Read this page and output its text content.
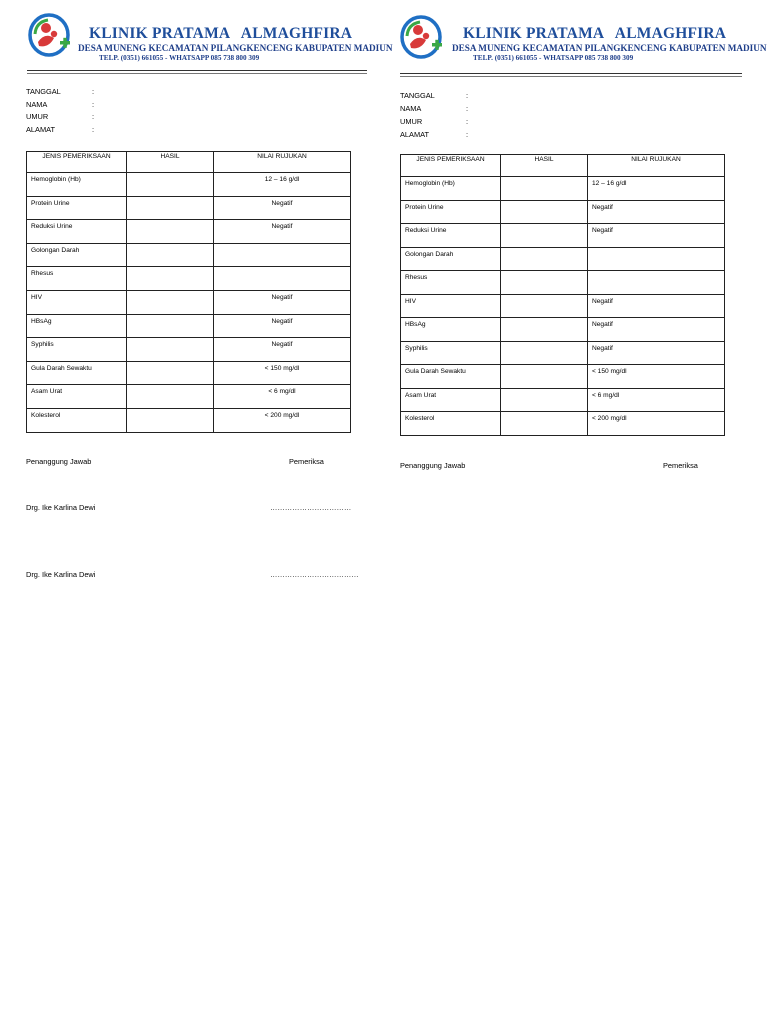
KLINIK PRATAMA   ALMAGHFIRA
DESA MUNENG KECAMATAN PILANGKENCENG KABUPATEN MADIUN
TELP. (0351) 661055 - WHATSAPP 085 738 800 309
TANGGAL	:
NAMA	:
UMUR	:
ALAMAT	:
JENIS PEMERIKSAAN	HASIL	NILAI RUJUKAN
Hemoglobin (Hb)		12 – 16 g/dl
Protein Urine		Negatif
Reduksi Urine		Negatif
Golongan Darah		
Rhesus		
HIV		Negatif
HBsAg		Negatif
Syphilis		Negatif
Gula Darah Sewaktu		< 150 mg/dl
Asam Urat		< 6 mg/dl
Kolesterol		< 200 mg/dl
Penanggung Jawab	Pemeriksa
Drg. Ike Karlina Dewi	……………………………
Drg. Ike Karlina Dewi	………………………………
KLINIK PRATAMA   ALMAGHFIRA
DESA MUNENG KECAMATAN PILANGKENCENG KABUPATEN MADIUN
TELP. (0351) 661055 - WHATSAPP 085 738 800 309
TANGGAL	:
NAMA	:
UMUR	:
ALAMAT	:
JENIS PEMERIKSAAN	HASIL	NILAI RUJUKAN
Hemoglobin (Hb)		12 – 16 g/dl
Protein Urine		Negatif
Reduksi Urine		Negatif
Golongan Darah		
Rhesus		
HIV		Negatif
HBsAg		Negatif
Syphilis		Negatif
Gula Darah Sewaktu		< 150 mg/dl
Asam Urat		< 6 mg/dl
Kolesterol		< 200 mg/dl
Penanggung Jawab	Pemeriksa
